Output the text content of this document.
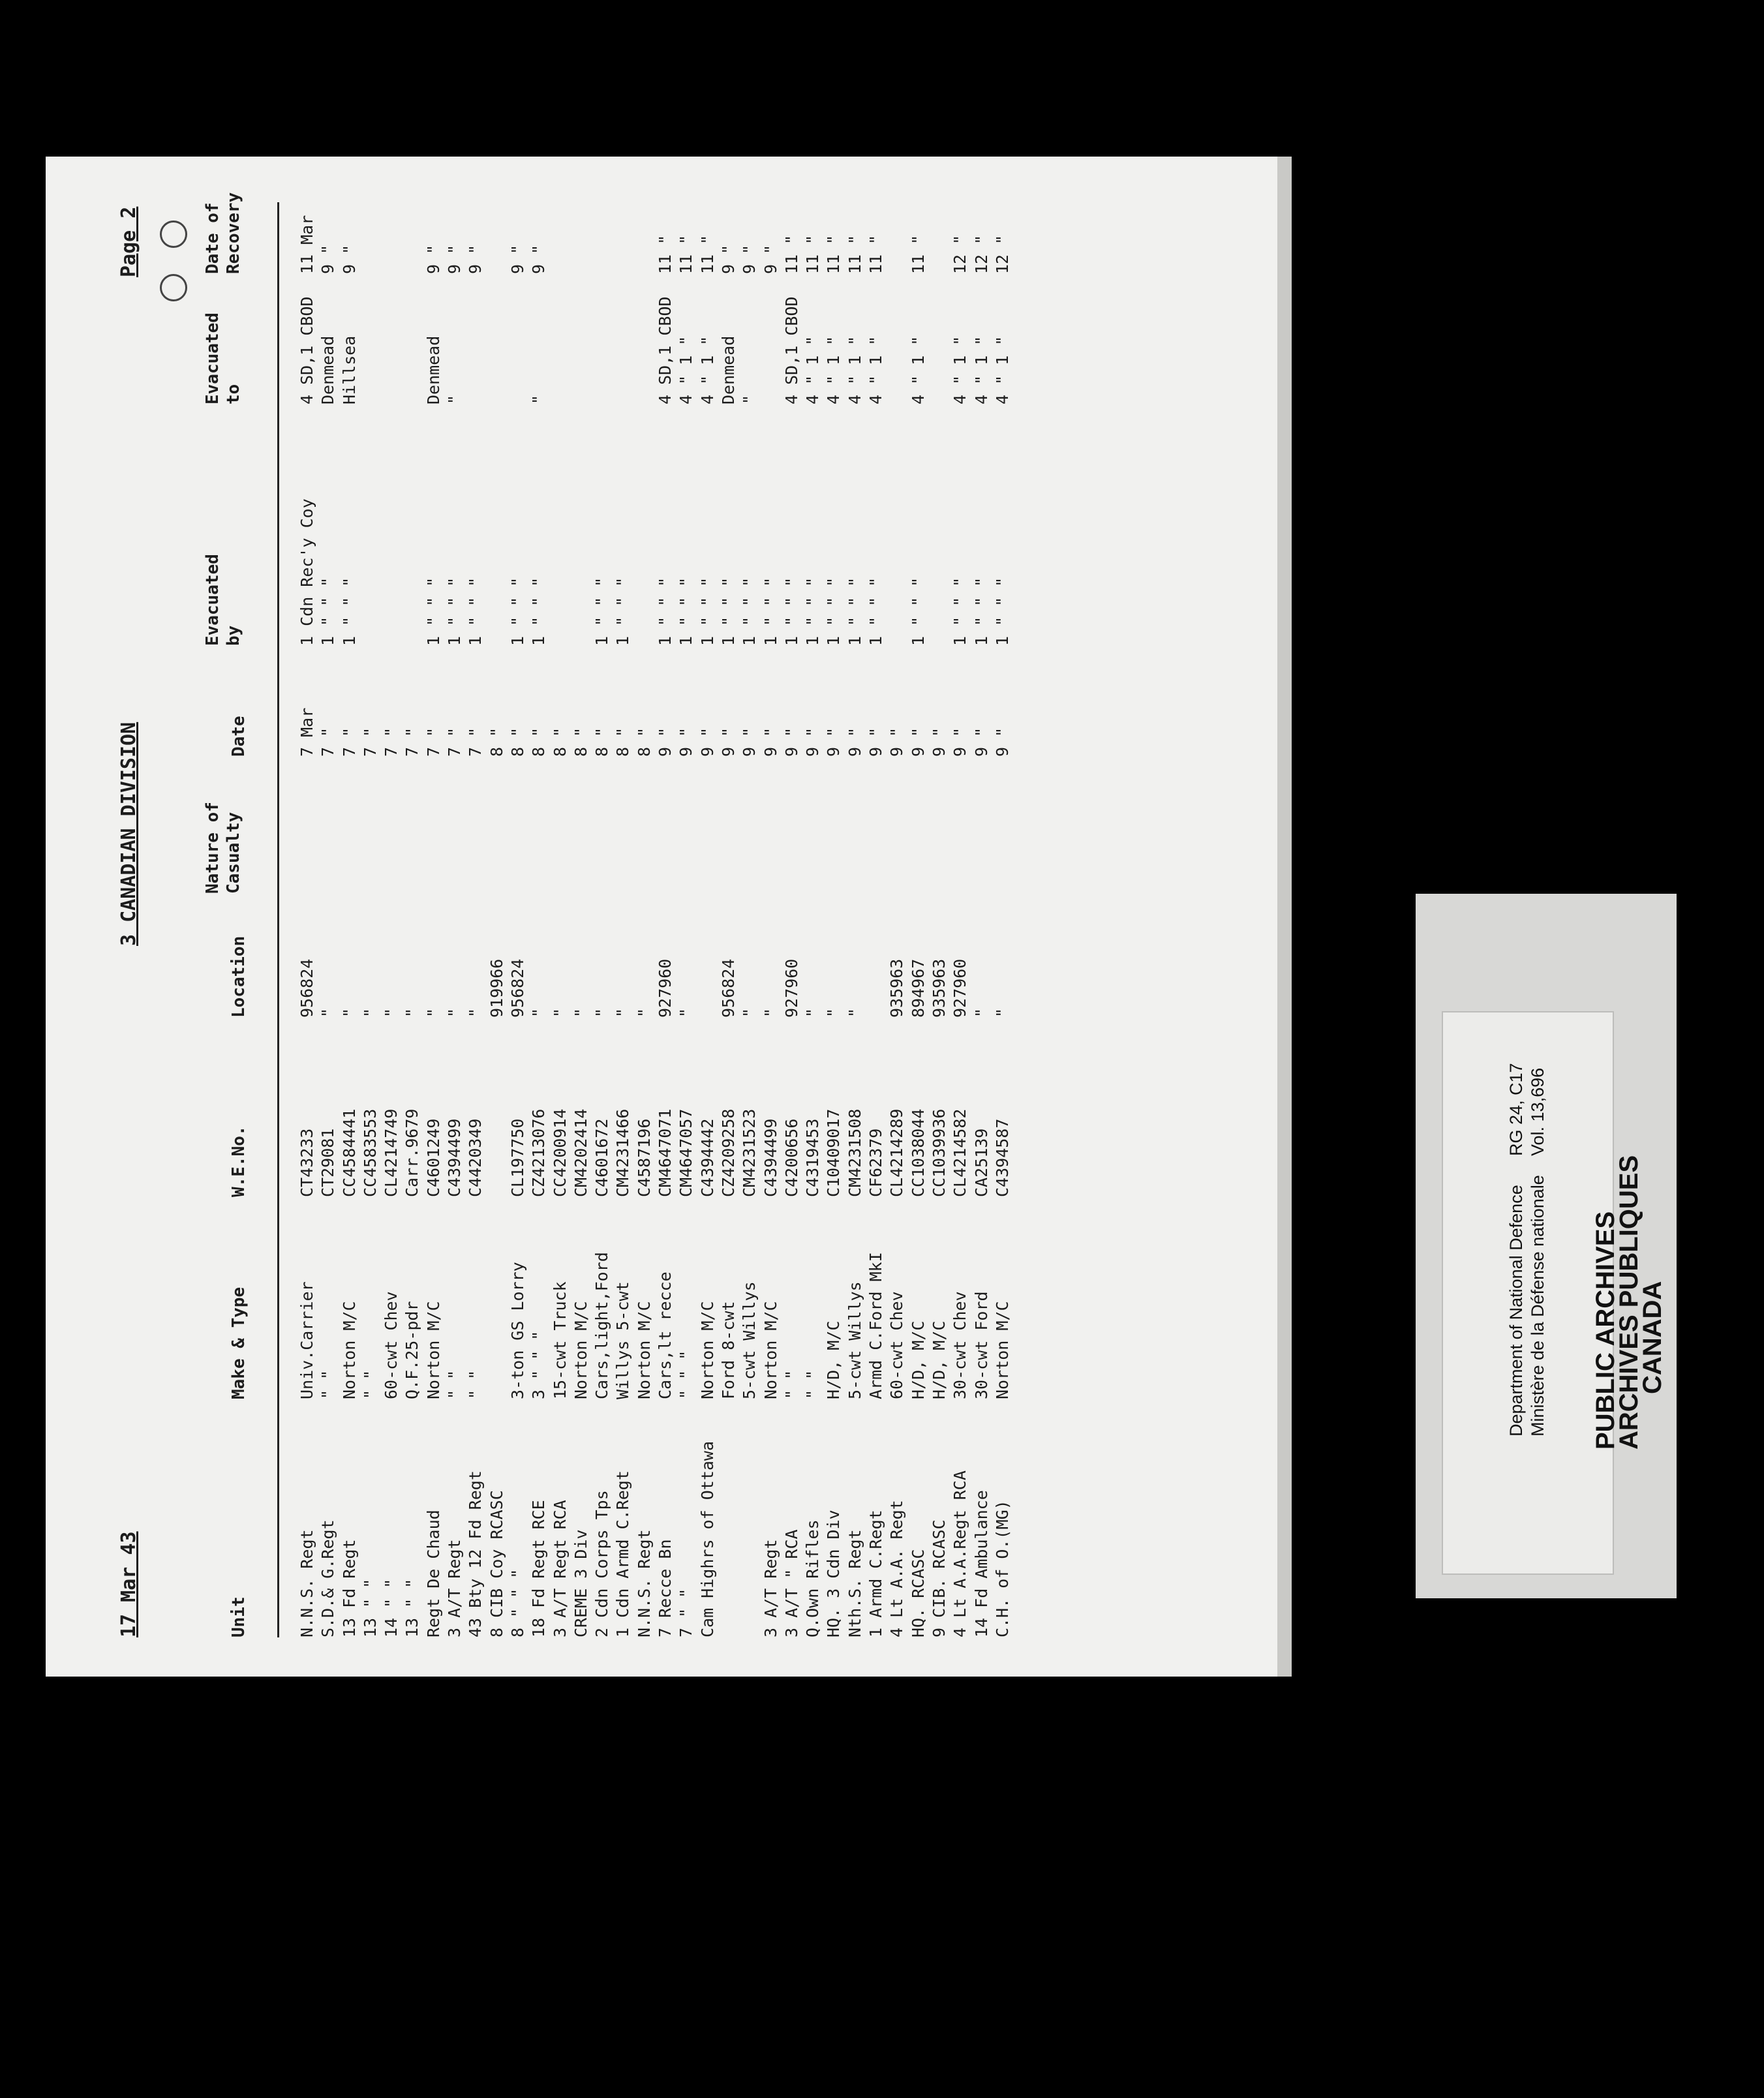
17 Mar 43
3 CANADIAN DIVISION
Page 2
Unit
Make & Type
W.E.No.
Location
Nature of Casualty
Date
Evacuated by
Evacuated to
Date of Recovery
N.N.S. Regt
Univ.Carrier
CT43233
956824
7 Mar
1 Cdn Rec'y Coy
4 SD,1 CBOD
11 Mar
S.D.& G.Regt
" "
CT29081
"
7 "
1 " " "
Denmead
9 "
13 Fd Regt
Norton M/C
CC4584441
"
7 "
1 " " "
Hillsea
9 "
13 " "
" "
CC4583553
"
7 "
14 " "
60-cwt Chev
CL4214749
"
7 "
13 " "
Q.F.25-pdr
Carr.9679
"
7 "
Regt De Chaud
Norton M/C
C4601249
"
7 "
1 " " "
Denmead
9 "
3 A/T Regt
" "
C4394499
"
7 "
1 " " "
"
9 "
43 Bty 12 Fd Regt
" "
C4420349
"
7 "
1 " " "
9 "
8 CIB Coy RCASC
919966
8 "
8 " " "
3-ton GS Lorry
CL197750
956824
8 "
1 " " "
9 "
18 Fd Regt RCE
3 " " "
CZ4213076
"
8 "
1 " " "
"
9 "
3 A/T Regt RCA
15-cwt Truck
CC4200914
"
8 "
CREME 3 Div
Norton M/C
CM4202414
"
8 "
2 Cdn Corps Tps
Cars,light,Ford
C4601672
"
8 "
1 " " "
1 Cdn Armd C.Regt
Willys 5-cwt
CM4231466
"
8 "
1 " " "
N.N.S. Regt
Norton M/C
C4587196
"
8 "
7 Recce Bn
Cars,lt recce
CM4647071
927960
9 "
1 " " "
4 SD,1 CBOD
11 "
7 " "
" " "
CM4647057
"
9 "
1 " " "
4 " 1 "
11 "
Cam Highrs of Ottawa
Norton M/C
C4394442
9 "
1 " " "
4 " 1 "
11 "
Ford 8-cwt
CZ4209258
956824
9 "
1 " " "
Denmead
9 "
5-cwt Willys
CM4231523
"
9 "
1 " " "
"
9 "
3 A/T Regt
Norton M/C
C4394499
"
9 "
1 " " "
9 "
3 A/T " RCA
" "
C4200656
927960
9 "
1 " " "
4 SD,1 CBOD
11 "
Q.Own Rifles
" "
C4319453
"
9 "
1 " " "
4 " 1 "
11 "
HQ. 3 Cdn Div
H/D, M/C
C10409017
"
9 "
1 " " "
4 " 1 "
11 "
Nth.S. Regt
5-cwt Willys
CM4231508
"
9 "
1 " " "
4 " 1 "
11 "
1 Armd C.Regt
Armd C.Ford MkI
CF62379
9 "
1 " " "
4 " 1 "
11 "
4 Lt A.A. Regt
60-cwt Chev
CL4214289
935963
9 "
HQ. RCASC
H/D, M/C
CC1038044
894967
9 "
1 " " "
4 " 1 "
11 "
9 CIB. RCASC
H/D, M/C
CC1039936
935963
9 "
4 Lt A.A.Regt RCA
30-cwt Chev
CL4214582
927960
9 "
1 " " "
4 " 1 "
12 "
14 Fd Ambulance
30-cwt Ford
CA25139
"
9 "
1 " " "
4 " 1 "
12 "
C.H. of O.(MG)
Norton M/C
C4394587
"
9 "
1 " " "
4 " 1 "
12 "
Department of National Defence Ministère de la Défense nationale
RG 24, C17 Vol. 13,696
PUBLIC ARCHIVES
ARCHIVES PUBLIQUES
CANADA
